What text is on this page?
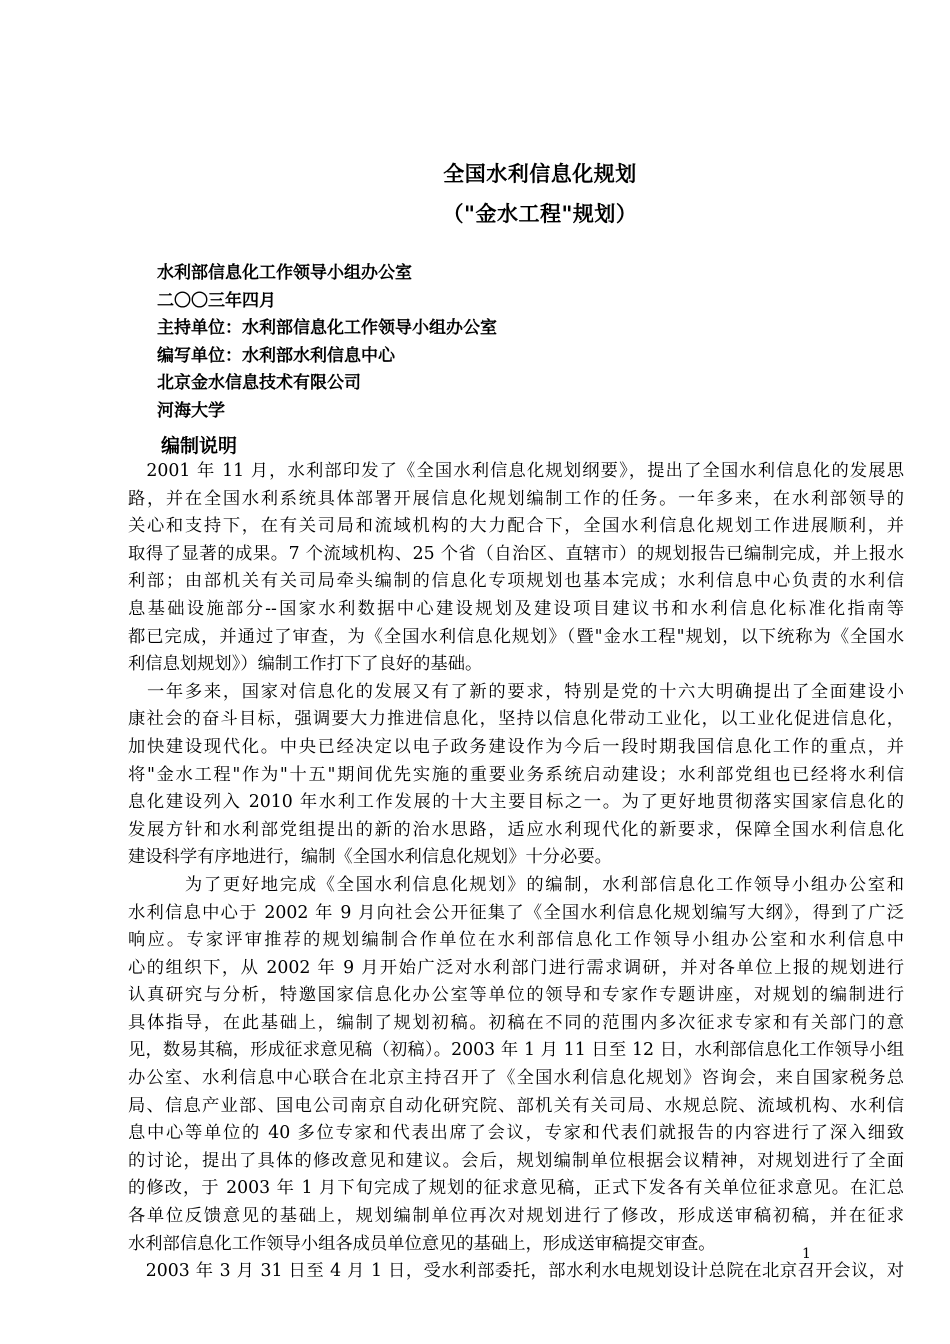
全国水利信息化规划
（"金水工程"规划）
水利部信息化工作领导小组办公室
二〇〇三年四月
主持单位：水利部信息化工作领导小组办公室
编写单位：水利部水利信息中心
北京金水信息技术有限公司
河海大学
编制说明
　2001 年 11 月，水利部印发了《全国水利信息化规划纲要》，提出了全国水利信息化的发展思
路，并在全国水利系统具体部署开展信息化规划编制工作的任务。一年多来，在水利部领导的
关心和支持下，在有关司局和流域机构的大力配合下，全国水利信息化规划工作进展顺利，并
取得了显著的成果。7 个流域机构、25 个省（自治区、直辖市）的规划报告已编制完成，并上报水
利部；由部机关有关司局牵头编制的信息化专项规划也基本完成；水利信息中心负责的水利信
息基础设施部分--国家水利数据中心建设规划及建设项目建议书和水利信息化标准化指南等
都已完成，并通过了审查，为《全国水利信息化规划》（暨"金水工程"规划，以下统称为《全国水
利信息划规划》）编制工作打下了良好的基础。
　一年多来，国家对信息化的发展又有了新的要求，特别是党的十六大明确提出了全面建设小
康社会的奋斗目标，强调要大力推进信息化，坚持以信息化带动工业化，以工业化促进信息化，
加快建设现代化。中央已经决定以电子政务建设作为今后一段时期我国信息化工作的重点，并
将"金水工程"作为"十五"期间优先实施的重要业务系统启动建设；水利部党组也已经将水利信
息化建设列入 2010 年水利工作发展的十大主要目标之一。为了更好地贯彻落实国家信息化的
发展方针和水利部党组提出的新的治水思路，适应水利现代化的新要求，保障全国水利信息化
建设科学有序地进行，编制《全国水利信息化规划》十分必要。
　　　为了更好地完成《全国水利信息化规划》的编制，水利部信息化工作领导小组办公室和
水利信息中心于 2002 年 9 月向社会公开征集了《全国水利信息化规划编写大纲》，得到了广泛
响应。专家评审推荐的规划编制合作单位在水利部信息化工作领导小组办公室和水利信息中
心的组织下，从 2002 年 9 月开始广泛对水利部门进行需求调研，并对各单位上报的规划进行
认真研究与分析，特邀国家信息化办公室等单位的领导和专家作专题讲座，对规划的编制进行
具体指导，在此基础上，编制了规划初稿。初稿在不同的范围内多次征求专家和有关部门的意
见，数易其稿，形成征求意见稿（初稿）。2003 年 1 月 11 日至 12 日，水利部信息化工作领导小组
办公室、水利信息中心联合在北京主持召开了《全国水利信息化规划》咨询会，来自国家税务总
局、信息产业部、国电公司南京自动化研究院、部机关有关司局、水规总院、流域机构、水利信
息中心等单位的 40 多位专家和代表出席了会议，专家和代表们就报告的内容进行了深入细致
的讨论，提出了具体的修改意见和建议。会后，规划编制单位根据会议精神，对规划进行了全面
的修改，于 2003 年 1 月下旬完成了规划的征求意见稿，正式下发各有关单位征求意见。在汇总
各单位反馈意见的基础上，规划编制单位再次对规划进行了修改，形成送审稿初稿，并在征求
水利部信息化工作领导小组各成员单位意见的基础上，形成送审稿提交审查。
　2003 年 3 月 31 日至 4 月 1 日，受水利部委托，部水利水电规划设计总院在北京召开会议，对
1
